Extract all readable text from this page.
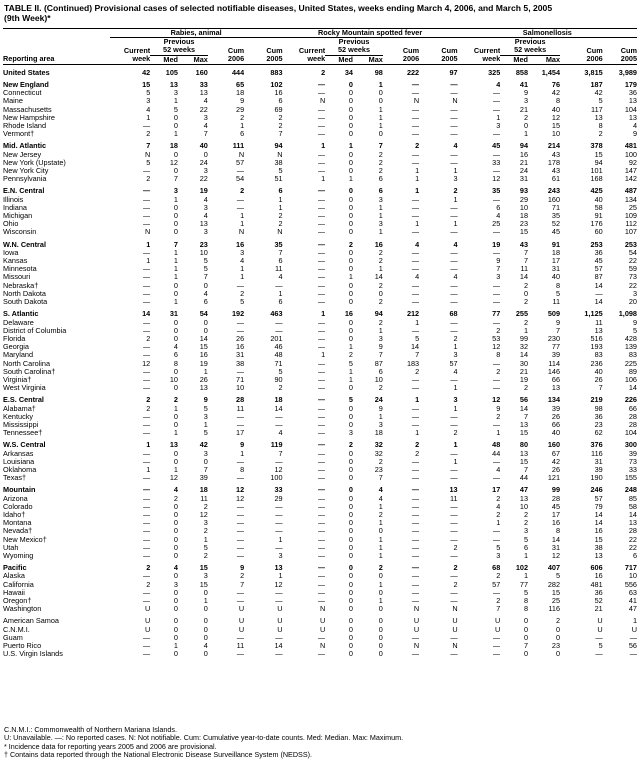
TABLE II. (Continued) Provisional cases of selected notifiable diseases, United States, weeks ending March 4, 2006, and March 5, 2005
(9th Week)*
	Rabies, animal					Rocky Mountain spotted fever					Salmonellosis				
		Previous					Previous					Previous			
	Current	52 weeks		Cum	Cum	Current	52 weeks		Cum	Cum	Current	52 weeks		Cum	Cum
Reporting area	week	Med	Max	2006	2005	week	Med	Max	2006	2005	week	Med	Max	2006	2005
United States	42	105	160	444	883	2	34	98	222	97	325	858	1,454	3,815	3,989
New England	15	13	33	65	102	—	0	1	—	—	4	41	76	187	179
Connecticut	5	3	13	18	16	—	0	0	—	—	—	9	42	42	36
Maine	3	1	4	9	6	N	0	0	N	N	—	3	8	5	13
Massachusetts	4	5	22	29	69	—	0	1	—	—	—	21	40	117	104
New Hampshire	1	0	3	2	2	—	0	1	—	—	1	2	12	13	13
Rhode Island	—	0	4	1	2	—	0	1	—	—	3	0	15	8	4
Vermont†	2	1	7	6	7	—	0	0	—	—	—	1	10	2	9
Mid. Atlantic	7	18	40	111	94	1	1	7	2	4	45	94	214	378	481
New Jersey	N	0	0	N	N	—	0	2	—	—	—	16	43	15	100
New York (Upstate)	5	12	24	57	38	—	0	2	—	—	33	21	178	94	92
New York City	—	0	3	—	5	—	0	2	1	1	—	24	43	101	147
Pennsylvania	2	7	22	54	51	1	1	6	1	3	12	31	61	168	142
E.N. Central	—	3	19	2	6	—	0	6	1	2	35	93	243	425	487
Illinois	—	1	4	—	1	—	0	3	—	1	—	29	160	40	134
Indiana	—	0	3	—	1	—	0	1	—	—	6	10	71	58	25
Michigan	—	0	4	1	2	—	0	1	—	—	4	18	35	91	109
Ohio	—	0	13	1	2	—	0	3	1	1	25	23	52	176	112
Wisconsin	N	0	3	N	N	—	0	1	—	—	—	15	45	60	107
W.N. Central	1	7	23	16	35	—	2	16	4	4	19	43	91	253	253
Iowa	—	1	10	3	7	—	0	2	—	—	—	7	18	36	54
Kansas	1	1	5	4	6	—	0	2	—	—	9	7	17	45	22
Minnesota	—	1	5	1	11	—	0	1	—	—	7	11	31	57	59
Missouri	—	1	7	1	4	—	1	14	4	4	3	14	40	87	73
Nebraska†	—	0	0	—	—	—	0	2	—	—	—	2	8	14	22
North Dakota	—	0	4	2	1	—	0	0	—	—	—	0	5	—	3
South Dakota	—	1	6	5	6	—	0	2	—	—	—	2	11	14	20
S. Atlantic	14	31	54	192	463	1	16	94	212	68	77	255	509	1,125	1,098
Delaware	—	0	0	—	—	—	0	2	1	—	—	2	9	11	9
District of Columbia	—	0	0	—	—	—	0	1	—	—	2	1	7	13	5
Florida	2	0	14	26	201	—	0	3	5	2	53	99	230	516	428
Georgia	—	4	15	16	46	—	1	9	14	1	12	32	77	193	139
Maryland	—	6	16	31	48	1	2	7	7	3	8	14	39	83	83
North Carolina	12	8	19	38	71	—	5	87	183	57	—	30	114	236	225
South Carolina†	—	0	1	—	5	—	1	6	2	4	2	21	146	40	89
Virginia†	—	10	26	71	90	—	1	10	—	—	—	19	66	26	106
West Virginia	—	0	13	10	2	—	0	2	—	1	—	2	13	7	14
E.S. Central	2	2	9	28	18	—	5	24	1	3	12	56	134	219	226
Alabama†	2	1	5	11	14	—	0	9	—	1	9	14	39	98	66
Kentucky	—	0	3	—	—	—	0	1	—	—	2	7	26	36	28
Mississippi	—	0	1	—	—	—	0	3	—	—	—	13	66	23	28
Tennessee†	—	1	5	17	4	—	3	18	1	2	1	15	40	62	104
W.S. Central	1	13	42	9	119	—	2	32	2	1	48	80	160	376	300
Arkansas	—	0	3	1	7	—	0	32	2	—	44	13	67	116	39
Louisiana	—	0	0	—	—	—	0	2	—	1	—	15	42	31	73
Oklahoma	1	1	7	8	12	—	0	23	—	—	4	7	26	39	33
Texas†	—	12	39	—	100	—	0	7	—	—	—	44	121	190	155
Mountain	—	4	18	12	33	—	0	4	—	13	17	47	99	246	248
Arizona	—	2	11	12	29	—	0	4	—	11	2	13	28	57	85
Colorado	—	0	2	—	—	—	0	1	—	—	4	10	45	79	58
Idaho†	—	0	12	—	—	—	0	2	—	—	2	2	17	14	14
Montana	—	0	3	—	—	—	0	1	—	—	1	2	16	14	13
Nevada†	—	0	2	—	—	—	0	0	—	—	—	3	8	16	28
New Mexico†	—	0	1	—	1	—	0	1	—	—	—	5	14	15	22
Utah	—	0	5	—	—	—	0	1	—	2	5	6	31	38	22
Wyoming	—	0	2	—	3	—	0	1	—	—	3	1	12	13	6
Pacific	2	4	15	9	13	—	0	2	—	2	68	102	407	606	717
Alaska	—	0	3	2	1	—	0	0	—	—	2	1	5	16	10
California	2	3	15	7	12	—	0	1	—	2	57	77	282	481	556
Hawaii	—	0	0	—	—	—	0	0	—	—	—	5	15	36	63
Oregon†	—	0	1	—	—	—	0	1	—	—	2	8	25	52	41
Washington	U	0	0	U	U	N	0	0	N	N	7	8	116	21	47
American Samoa	U	0	0	U	U	U	0	0	U	U	U	0	2	U	1
C.N.M.I.	U	0	0	U	U	U	0	0	U	U	U	0	0	U	U
Guam	—	0	0	—	—	—	0	0	—	—	—	0	0	—	—
Puerto Rico	—	1	4	11	14	N	0	0	N	N	—	7	23	5	56
U.S. Virgin Islands	—	0	0	—	—	—	0	0	—	—	—	0	0	—	—
C.N.M.I.: Commonwealth of Northern Mariana Islands.
U: Unavailable. —: No reported cases. N: Not notifiable. Cum: Cumulative year-to-date counts. Med: Median. Max: Maximum.
* Incidence data for reporting years 2005 and 2006 are provisional.
† Contains data reported through the National Electronic Disease Surveillance System (NEDSS).
